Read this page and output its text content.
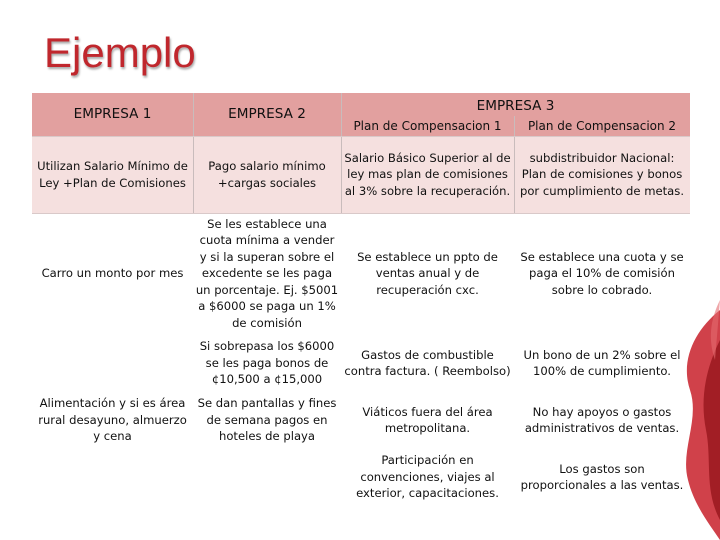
Ejemplo
EMPRESA 1	EMPRESA 2
EMPRESA 3
Plan de Compensacion 1	Plan de Compensacion 2
Utilizan Salario Mínimo de Ley +Plan de Comisiones
Pago salario mínimo +cargas sociales
Salario Básico Superior al de ley mas plan de comisiones al 3% sobre la recuperación.
subdistribuidor Nacional: Plan de comisiones y bonos por cumplimiento de metas.
Carro un monto por mes
Se les establece una cuota mínima a vender y si la superan sobre el excedente se les paga un porcentaje. Ej. $5001 a $6000 se paga un 1% de comisión
Se establece un ppto de ventas anual y de recuperación cxc.
Se establece una cuota y se paga el 10% de comisión sobre lo cobrado.
Si sobrepasa los $6000 se les paga bonos de ¢10,500 a ¢15,000
Gastos de combustible contra factura. ( Reembolso)
Un bono de un 2% sobre el 100% de cumplimiento.
Alimentación y si es área rural desayuno, almuerzo y cena
Se dan pantallas y fines de semana pagos en hoteles de playa
Viáticos fuera del área metropolitana.
No hay apoyos o gastos administrativos de ventas.
Participación en convenciones, viajes al exterior, capacitaciones.
Los gastos son proporcionales a las ventas.
